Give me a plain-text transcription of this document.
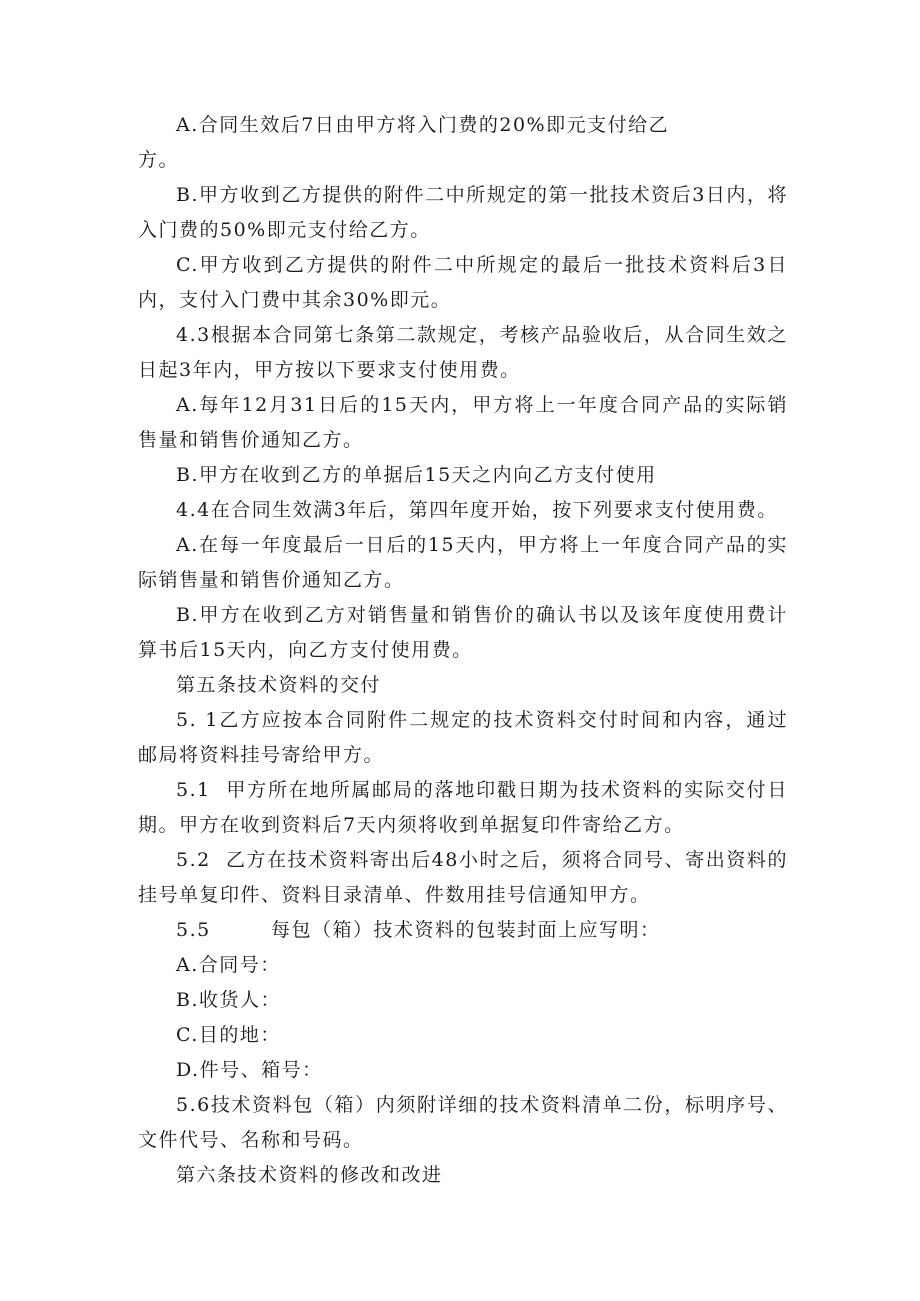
A.合同生效后7日由甲方将入门费的20%即元支付给乙
方。

B.甲方收到乙方提供的附件二中所规定的第一批技术资后3日内，将入门费的50%即元支付给乙方。

C.甲方收到乙方提供的附件二中所规定的最后一批技术资料后3日内，支付入门费中其余30%即元。

4.3根据本合同第七条第二款规定，考核产品验收后，从合同生效之日起3年内，甲方按以下要求支付使用费。

A.每年12月31日后的15天内，甲方将上一年度合同产品的实际销售量和销售价通知乙方。

B.甲方在收到乙方的单据后15天之内向乙方支付使用

4.4在合同生效满3年后，第四年度开始，按下列要求支付使用费。

A.在每一年度最后一日后的15天内，甲方将上一年度合同产品的实际销售量和销售价通知乙方。

B.甲方在收到乙方对销售量和销售价的确认书以及该年度使用费计算书后15天内，向乙方支付使用费。

第五条技术资料的交付

5. 1乙方应按本合同附件二规定的技术资料交付时间和内容，通过邮局将资料挂号寄给甲方。

5.1  甲方所在地所属邮局的落地印戳日期为技术资料的实际交付日期。甲方在收到资料后7天内须将收到单据复印件寄给乙方。

5.2  乙方在技术资料寄出后48小时之后，须将合同号、寄出资料的挂号单复印件、资料目录清单、件数用挂号信通知甲方。

5.5        每包（箱）技术资料的包装封面上应写明：

A.合同号：

B.收货人：

C.目的地：

D.件号、箱号：

5.6技术资料包（箱）内须附详细的技术资料清单二份，标明序号、文件代号、名称和号码。

第六条技术资料的修改和改进
